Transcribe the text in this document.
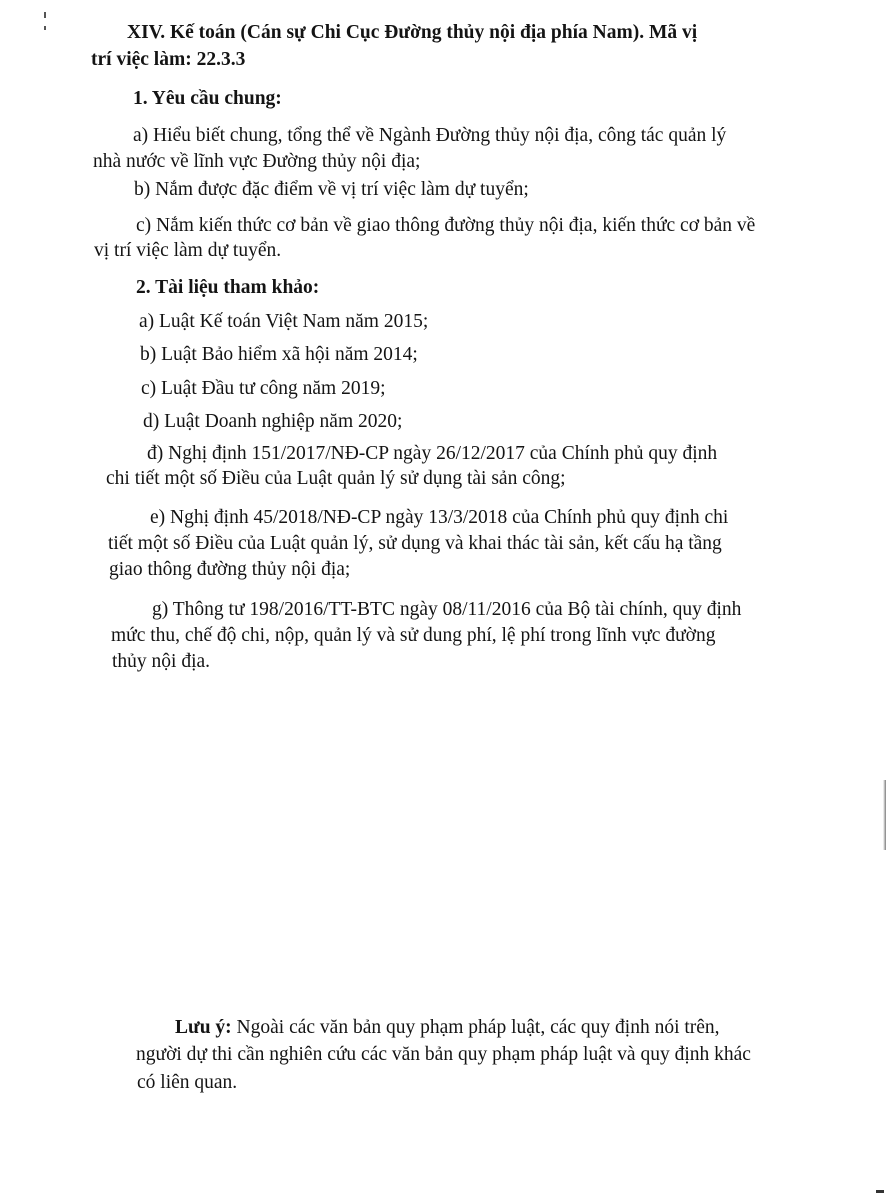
XIV. Kế toán (Cán sự Chi Cục Đường thủy nội địa phía Nam). Mã vị
trí việc làm: 22.3.3
1. Yêu cầu chung:
a) Hiểu biết chung, tổng thể về Ngành Đường thủy nội địa, công tác quản lý
nhà nước về lĩnh vực Đường thủy nội địa;
b) Nắm được đặc điểm về vị trí việc làm dự tuyển;
c) Nắm kiến thức cơ bản về giao thông đường thủy nội địa, kiến thức cơ bản về
vị trí việc làm dự tuyển.
2. Tài liệu tham khảo:
a) Luật Kế toán Việt Nam năm 2015;
b) Luật Bảo hiểm xã hội năm 2014;
c) Luật Đầu tư công năm 2019;
d) Luật Doanh nghiệp năm 2020;
đ) Nghị định 151/2017/NĐ-CP ngày 26/12/2017 của Chính phủ quy định
chi tiết một số Điều của Luật quản lý sử dụng tài sản công;
e) Nghị định 45/2018/NĐ-CP ngày 13/3/2018 của Chính phủ quy định chi
tiết một số Điều của Luật quản lý, sử dụng và khai thác tài sản, kết cấu hạ tầng
giao thông đường thủy nội địa;
g) Thông tư 198/2016/TT-BTC ngày 08/11/2016 của Bộ tài chính, quy định
mức thu, chế độ chi, nộp, quản lý và sử dung phí, lệ phí trong lĩnh vực đường
thủy nội địa.
Lưu ý: Ngoài các văn bản quy phạm pháp luật, các quy định nói trên,
người dự thi cần nghiên cứu các văn bản quy phạm pháp luật và quy định khác
có liên quan.
